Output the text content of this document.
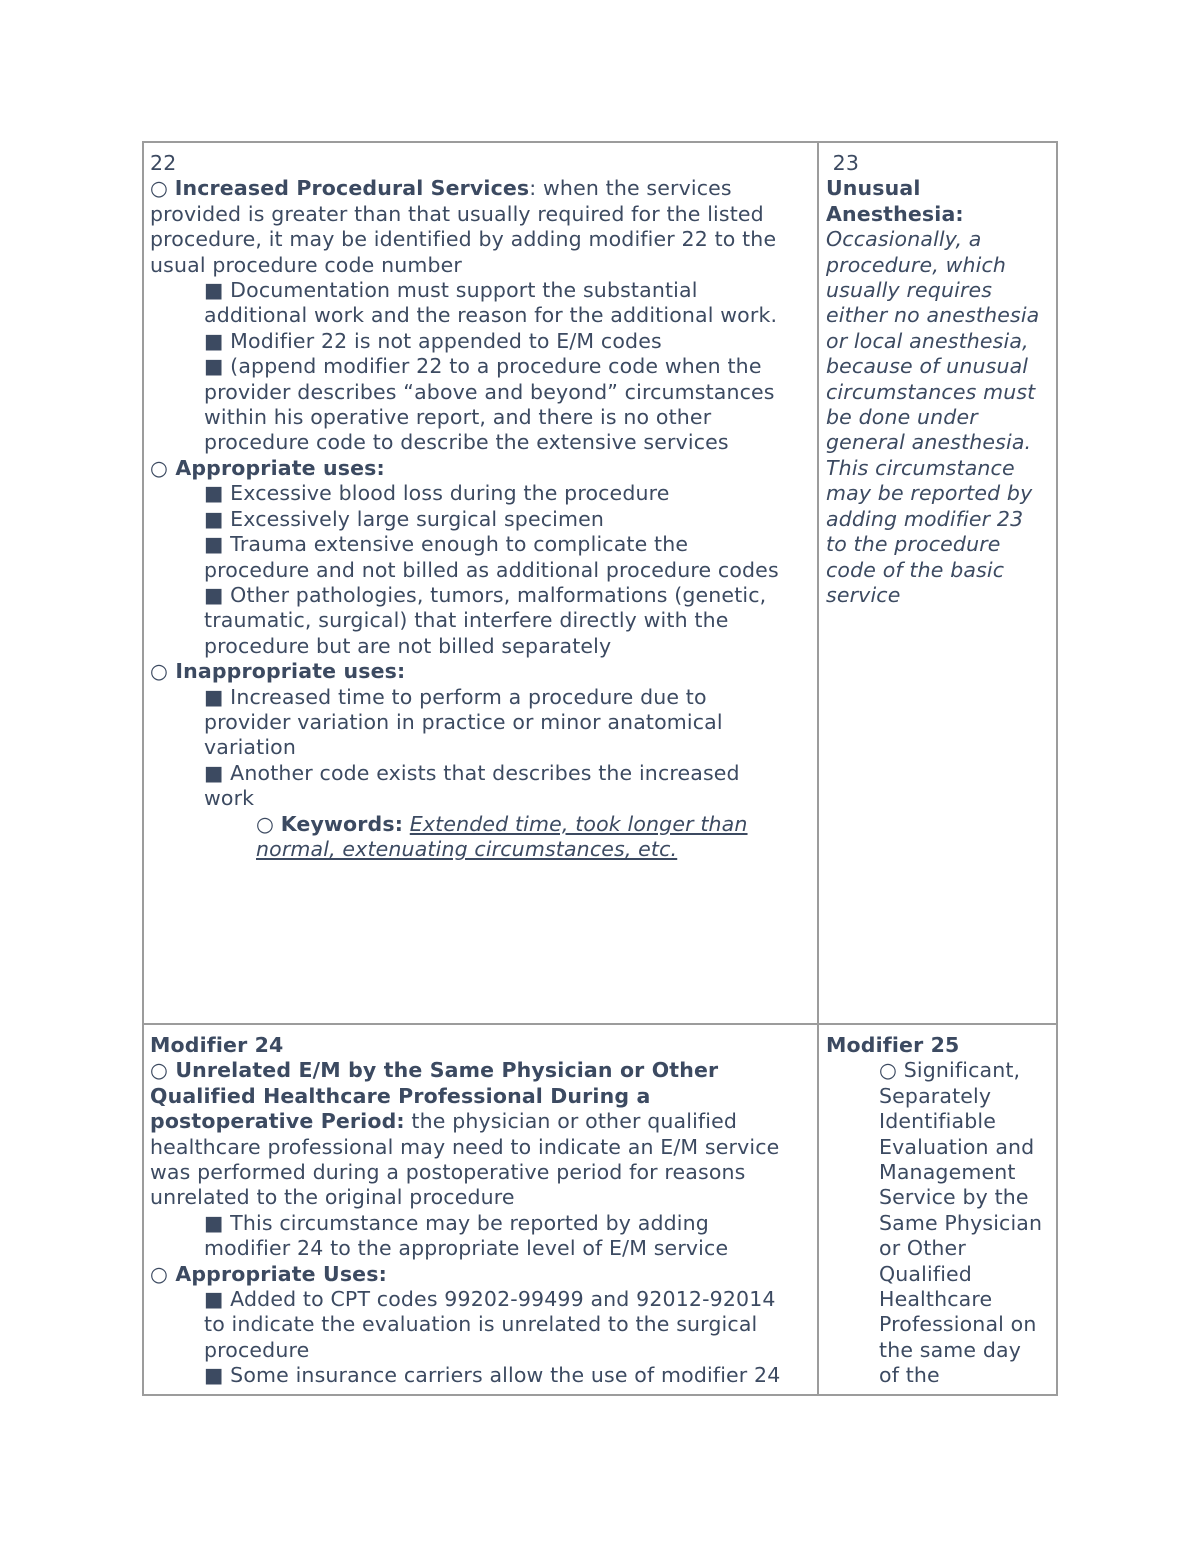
22
○ Increased Procedural Services: when the services
provided is greater than that usually required for the listed
procedure, it may be identified by adding modifier 22 to the
usual procedure code number
■ Documentation must support the substantial
additional work and the reason for the additional work.
■ Modifier 22 is not appended to E/M codes
■ (append modifier 22 to a procedure code when the
provider describes “above and beyond” circumstances
within his operative report, and there is no other
procedure code to describe the extensive services
○ Appropriate uses:
■ Excessive blood loss during the procedure
■ Excessively large surgical specimen
■ Trauma extensive enough to complicate the
procedure and not billed as additional procedure codes
■ Other pathologies, tumors, malformations (genetic,
traumatic, surgical) that interfere directly with the
procedure but are not billed separately
○ Inappropriate uses:
■ Increased time to perform a procedure due to
provider variation in practice or minor anatomical
variation
■ Another code exists that describes the increased
work
○ Keywords: Extended time, took longer than
normal, extenuating circumstances, etc.
23
Unusual
Anesthesia:
Occasionally, a
procedure, which
usually requires
either no anesthesia
or local anesthesia,
because of unusual
circumstances must
be done under
general anesthesia.
This circumstance
may be reported by
adding modifier 23
to the procedure
code of the basic
service
Modifier 24
○ Unrelated E/M by the Same Physician or Other
Qualified Healthcare Professional During a
postoperative Period: the physician or other qualified
healthcare professional may need to indicate an E/M service
was performed during a postoperative period for reasons
unrelated to the original procedure
■ This circumstance may be reported by adding
modifier 24 to the appropriate level of E/M service
○ Appropriate Uses:
■ Added to CPT codes 99202-99499 and 92012-92014
to indicate the evaluation is unrelated to the surgical
procedure
■ Some insurance carriers allow the use of modifier 24
Modifier 25
○ Significant,
Separately
Identifiable
Evaluation and
Management
Service by the
Same Physician
or Other
Qualified
Healthcare
Professional on
the same day
of the
